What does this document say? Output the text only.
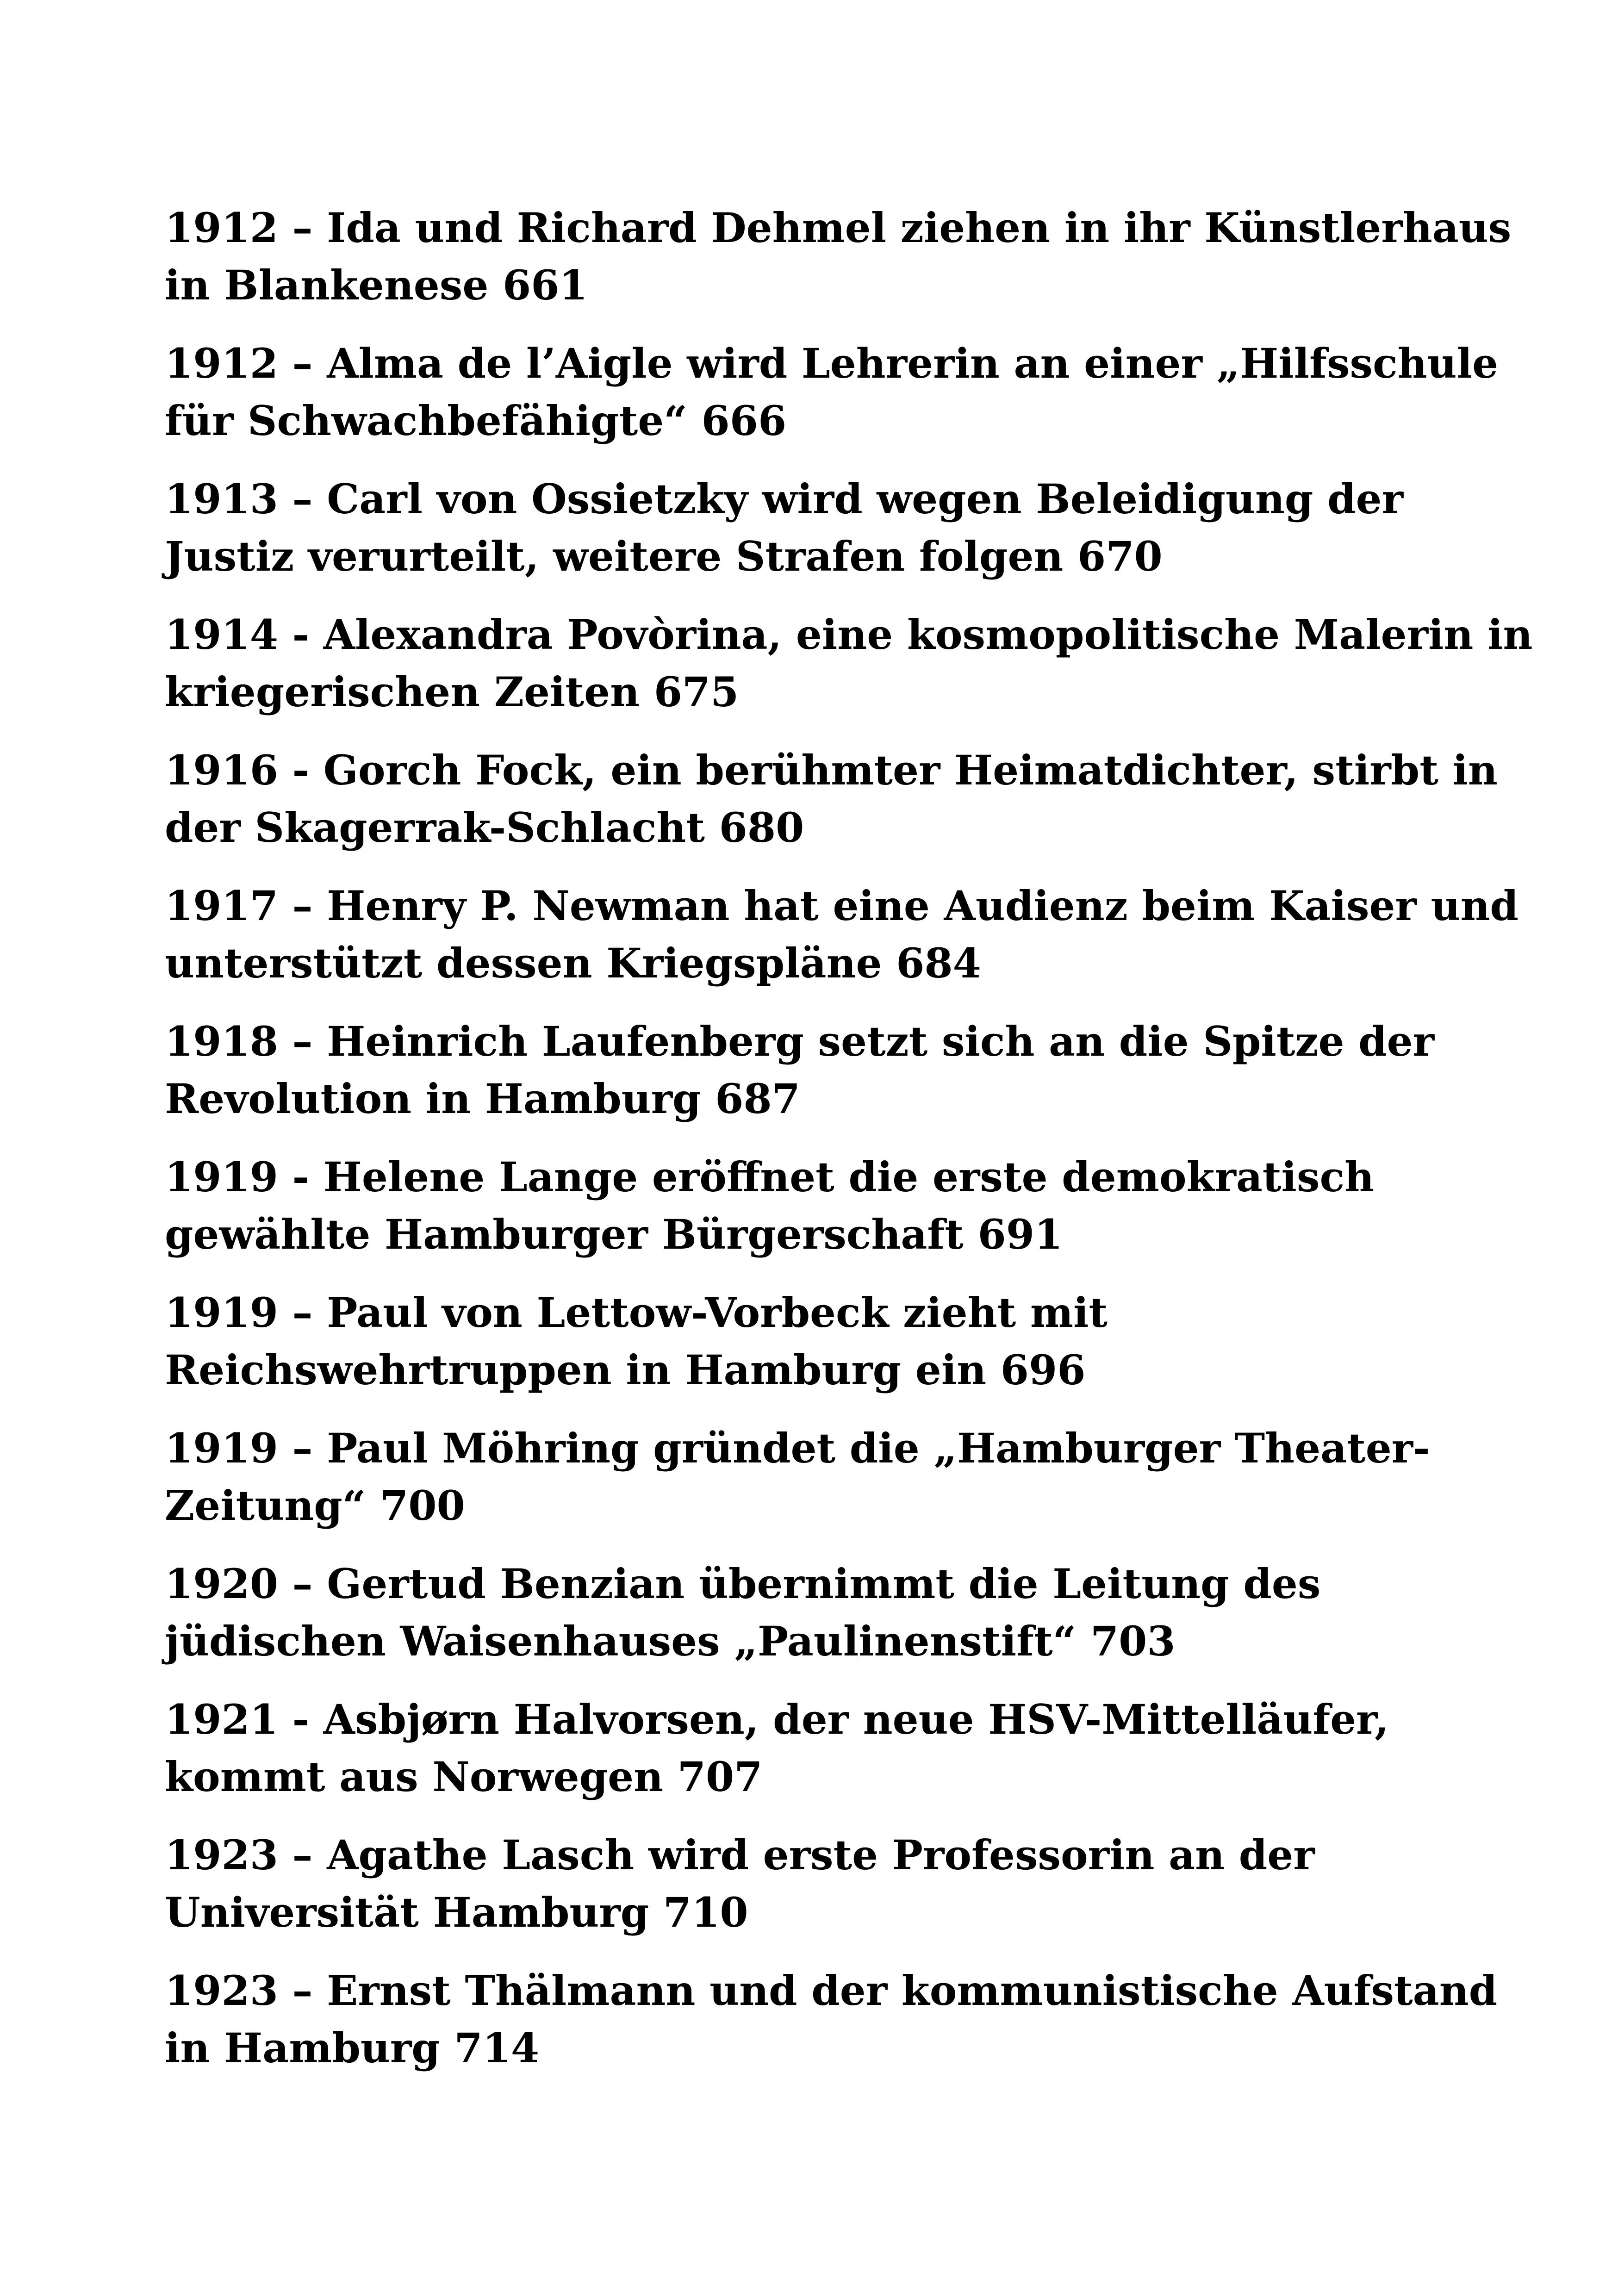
1912 – Ida und Richard Dehmel ziehen in ihr Künstlerhaus
in Blankenese 661
1912 – Alma de l’Aigle wird Lehrerin an einer „Hilfsschule
für Schwachbefähigte“ 666
1913 – Carl von Ossietzky wird wegen Beleidigung der
Justiz verurteilt, weitere Strafen folgen 670
1914 - Alexandra Povòrina, eine kosmopolitische Malerin in
kriegerischen Zeiten 675
1916 - Gorch Fock, ein berühmter Heimatdichter, stirbt in
der Skagerrak-Schlacht 680
1917 – Henry P. Newman hat eine Audienz beim Kaiser und
unterstützt dessen Kriegspläne 684
1918 – Heinrich Laufenberg setzt sich an die Spitze der
Revolution in Hamburg 687
1919 - Helene Lange eröffnet die erste demokratisch
gewählte Hamburger Bürgerschaft 691
1919 – Paul von Lettow-Vorbeck zieht mit
Reichswehrtruppen in Hamburg ein 696
1919 – Paul Möhring gründet die „Hamburger Theater-
Zeitung“ 700
1920 – Gertud Benzian übernimmt die Leitung des
jüdischen Waisenhauses „Paulinenstift“ 703
1921 - Asbjørn Halvorsen, der neue HSV-Mittelläufer,
kommt aus Norwegen 707
1923 – Agathe Lasch wird erste Professorin an der
Universität Hamburg 710
1923 – Ernst Thälmann und der kommunistische Aufstand
in Hamburg 714
